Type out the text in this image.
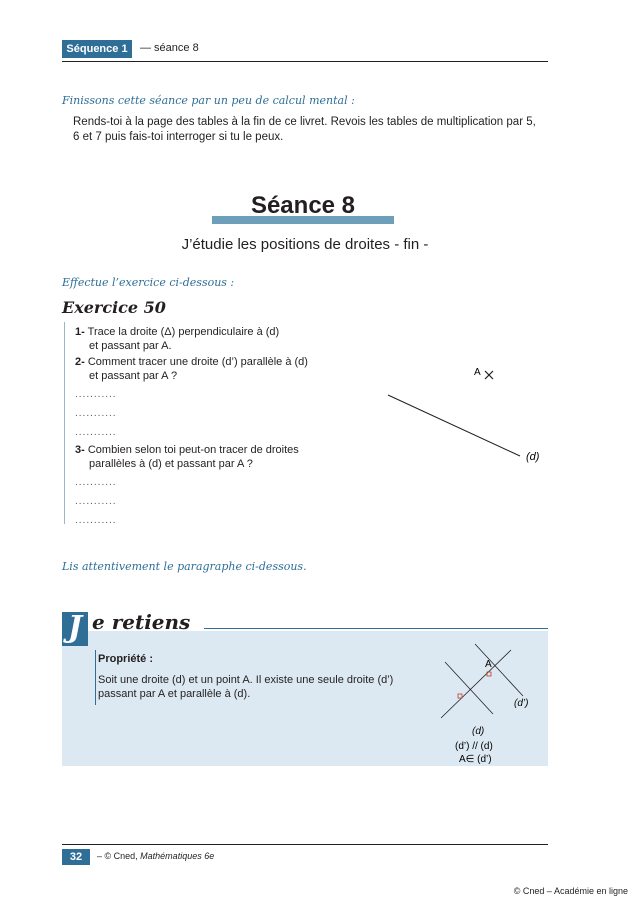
Séquence 1	— séance 8
Finissons cette séance par un peu de calcul mental :
Rends-toi à la page des tables à la fin de ce livret. Revois les tables de multiplication par 5, 6 et 7 puis fais-toi interroger si tu le peux.
Séance 8
J’étudie les positions de droites - fin -
Effectue l’exercice ci-dessous :
Exercice 50
1- Trace la droite (Δ) perpendiculaire à (d)
et passant par A.
2- Comment tracer une droite (d’) parallèle à (d)
et passant par A ?
...........
...........
...........
3- Combien selon toi peut-on tracer de droites
parallèles à (d) et passant par A ?
...........
...........
...........
A
(d)
Lis attentivement le paragraphe ci-dessous.
J e retiens
Propriété :
Soit une droite (d) et un point A. Il existe une seule droite (d’)
passant par A et parallèle à (d).
A
(d’)
(d)
(d’) // (d)
A∈ (d’)
32	– © Cned, Mathématiques 6e
© Cned – Académie en ligne
